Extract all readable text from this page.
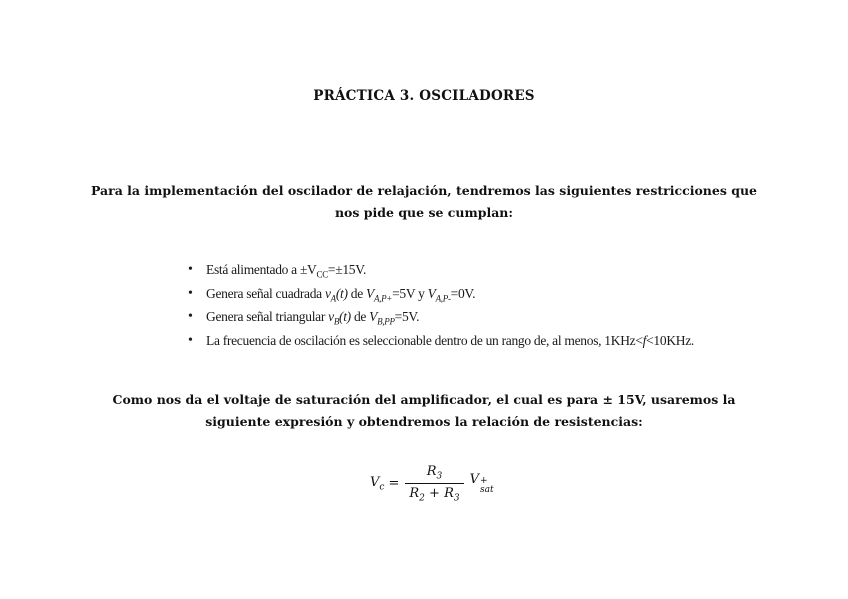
PRÁCTICA 3. OSCILADORES
Para la implementación del oscilador de relajación, tendremos las siguientes restricciones que nos pide que se cumplan:
• Está alimentado $a \pm V_{CC}=\pm 15V$.
• Genera señal cuadrada $v_A(t)$ de $V_{A,P+}=5V$ y $V_{A,P-}=0V$.
• Genera señal triangular $v_B(t)$ de $V_{B,PP}=5V$.
• La frecuencia de oscilación es seleccionable dentro de un rango de, al menos, 1KHz<f<10KHz.
Como nos da el voltaje de saturación del amplificador, el cual es para ± 15V, usaremos la siguiente expresión y obtendremos la relación de resistencias:
$V_c = \frac{R_3}{R_2 + R_3}$ V +
sat
